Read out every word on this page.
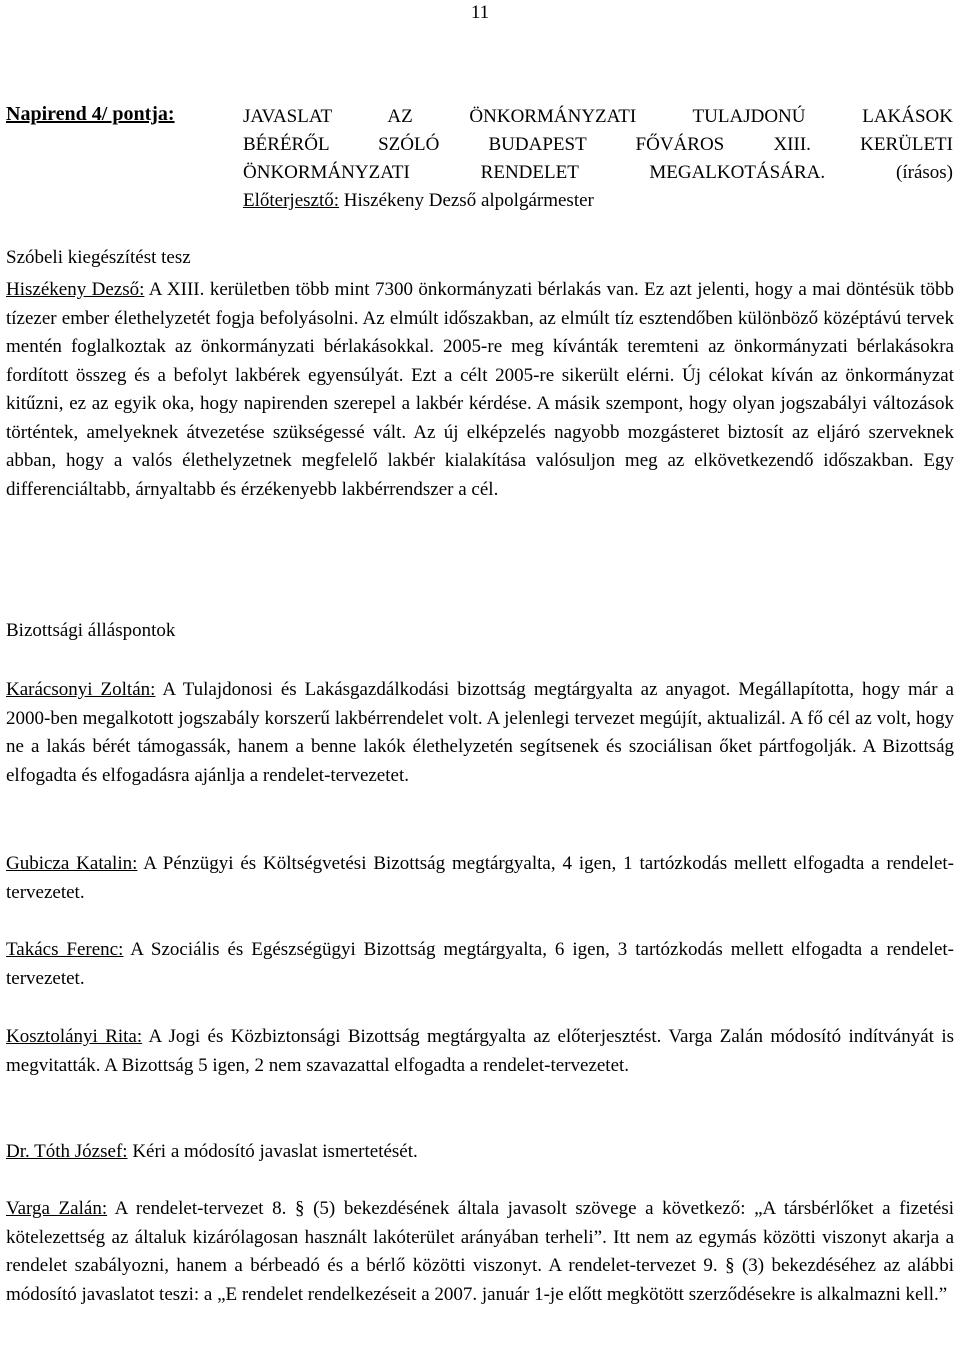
11
Napirend 4/ pontja:	JAVASLAT AZ ÖNKORMÁNYZATI TULAJDONÚ LAKÁSOK
BÉRÉRŐL SZÓLÓ BUDAPEST FŐVÁROS XIII. KERÜLETI
ÖNKORMÁNYZATI RENDELET MEGALKOTÁSÁRA. (írásos)
Előterjesztő: Hiszékeny Dezső alpolgármester
Szóbeli kiegészítést tesz
Hiszékeny Dezső: A XIII. kerületben több mint 7300 önkormányzati bérlakás van. Ez azt jelenti, hogy a mai döntésük több tízezer ember élethelyzetét fogja befolyásolni. Az elmúlt időszakban, az elmúlt tíz esztendőben különböző középtávú tervek mentén foglalkoztak az önkormányzati bérlakásokkal. 2005-re meg kívánták teremteni az önkormányzati bérlakásokra fordított összeg és a befolyt lakbérek egyensúlyát. Ezt a célt 2005-re sikerült elérni. Új célokat kíván az önkormányzat kitűzni, ez az egyik oka, hogy napirenden szerepel a lakbér kérdése. A másik szempont, hogy olyan jogszabályi változások történtek, amelyeknek átvezetése szükségessé vált. Az új elképzelés nagyobb mozgásteret biztosít az eljáró szerveknek abban, hogy a valós élethelyzetnek megfelelő lakbér kialakítása valósuljon meg az elkövetkezendő időszakban. Egy differenciáltabb, árnyaltabb és érzékenyebb lakbérrendszer a cél.
Bizottsági álláspontok
Karácsonyi Zoltán: A Tulajdonosi és Lakásgazdálkodási bizottság megtárgyalta az anyagot. Megállapította, hogy már a 2000-ben megalkotott jogszabály korszerű lakbérrendelet volt. A jelenlegi tervezet megújít, aktualizál. A fő cél az volt, hogy ne a lakás bérét támogassák, hanem a benne lakók élethelyzetén segítsenek és szociálisan őket pártfogolják. A Bizottság elfogadta és elfogadásra ajánlja a rendelet-tervezetet.
Gubicza Katalin: A Pénzügyi és Költségvetési Bizottság megtárgyalta, 4 igen, 1 tartózkodás mellett elfogadta a rendelet-tervezetet.
Takács Ferenc: A Szociális és Egészségügyi Bizottság megtárgyalta, 6 igen, 3 tartózkodás mellett elfogadta a rendelet-tervezetet.
Kosztolányi Rita: A Jogi és Közbiztonsági Bizottság megtárgyalta az előterjesztést. Varga Zalán módosító indítványát is megvitatták. A Bizottság 5 igen, 2 nem szavazattal elfogadta a rendelet-tervezetet.
Dr. Tóth József: Kéri a módosító javaslat ismertetését.
Varga Zalán: A rendelet-tervezet 8. § (5) bekezdésének általa javasolt szövege a következő: „A társbérlőket a fizetési kötelezettség az általuk kizárólagosan használt lakóterület arányában terheli”. Itt nem az egymás közötti viszonyt akarja a rendelet szabályozni, hanem a bérbeadó és a bérlő közötti viszonyt. A rendelet-tervezet 9. § (3) bekezdéséhez az alábbi módosító javaslatot teszi: a „E rendelet rendelkezéseit a 2007. január 1-je előtt megkötött szerződésekre is alkalmazni kell.”
